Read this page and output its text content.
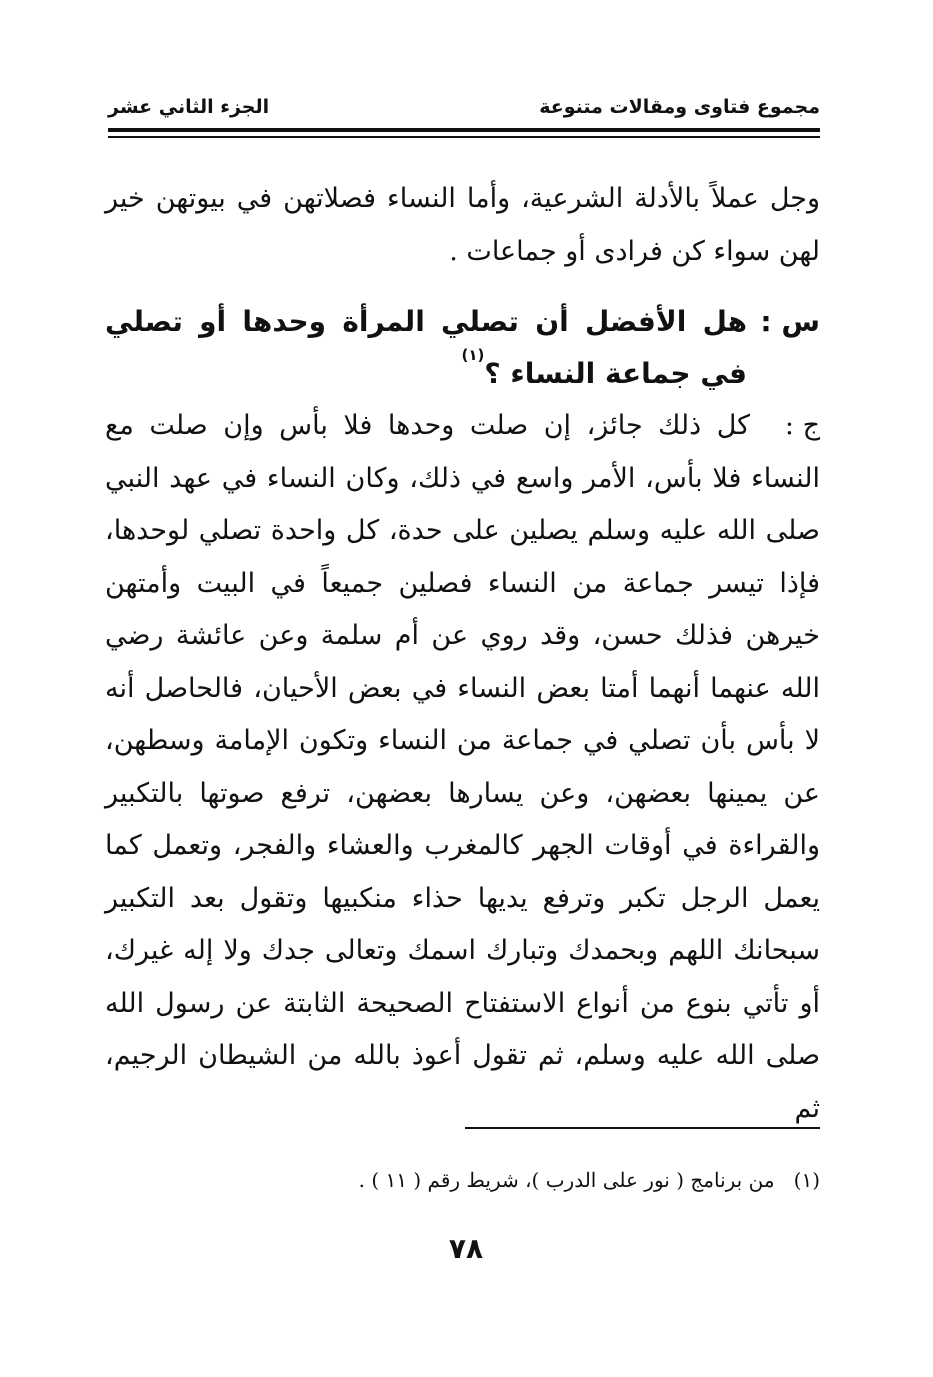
مجموع فتاوى ومقالات متنوعة
الجزء الثاني عشر

وجل عملاً بالأدلة الشرعية، وأما النساء فصلاتهن في بيوتهن خير لهن سواء كن فرادى أو جماعات .

س :

هل الأفضل أن تصلي المرأة وحدها أو تصلي في جماعة النساء ؟$^{(١)}$

ج :

كل ذلك جائز، إن صلت وحدها فلا بأس وإن صلت مع النساء فلا بأس، الأمر واسع في ذلك، وكان النساء في عهد النبي صلى الله عليه وسلم يصلين على حدة، كل واحدة تصلي لوحدها، فإذا تيسر جماعة من النساء فصلين جميعاً في البيت وأمتهن خيرهن فذلك حسن، وقد روي عن أم سلمة وعن عائشة رضي الله عنهما أنهما أمتا بعض النساء في بعض الأحيان، فالحاصل أنه لا بأس بأن تصلي في جماعة من النساء وتكون الإمامة وسطهن، عن يمينها بعضهن، وعن يسارها بعضهن، ترفع صوتها بالتكبير والقراءة في أوقات الجهر كالمغرب والعشاء والفجر، وتعمل كما يعمل الرجل تكبر وترفع يديها حذاء منكبيها وتقول بعد التكبير سبحانك اللهم وبحمدك وتبارك اسمك وتعالى جدك ولا إله غيرك، أو تأتي بنوع من أنواع الاستفتاح الصحيحة الثابتة عن رسول الله صلى الله عليه وسلم، ثم تقول أعوذ بالله من الشيطان الرجيم، ثم

(١)   من برنامج ( نور على الدرب )، شريط رقم ( ١١ ) .
٧٨
